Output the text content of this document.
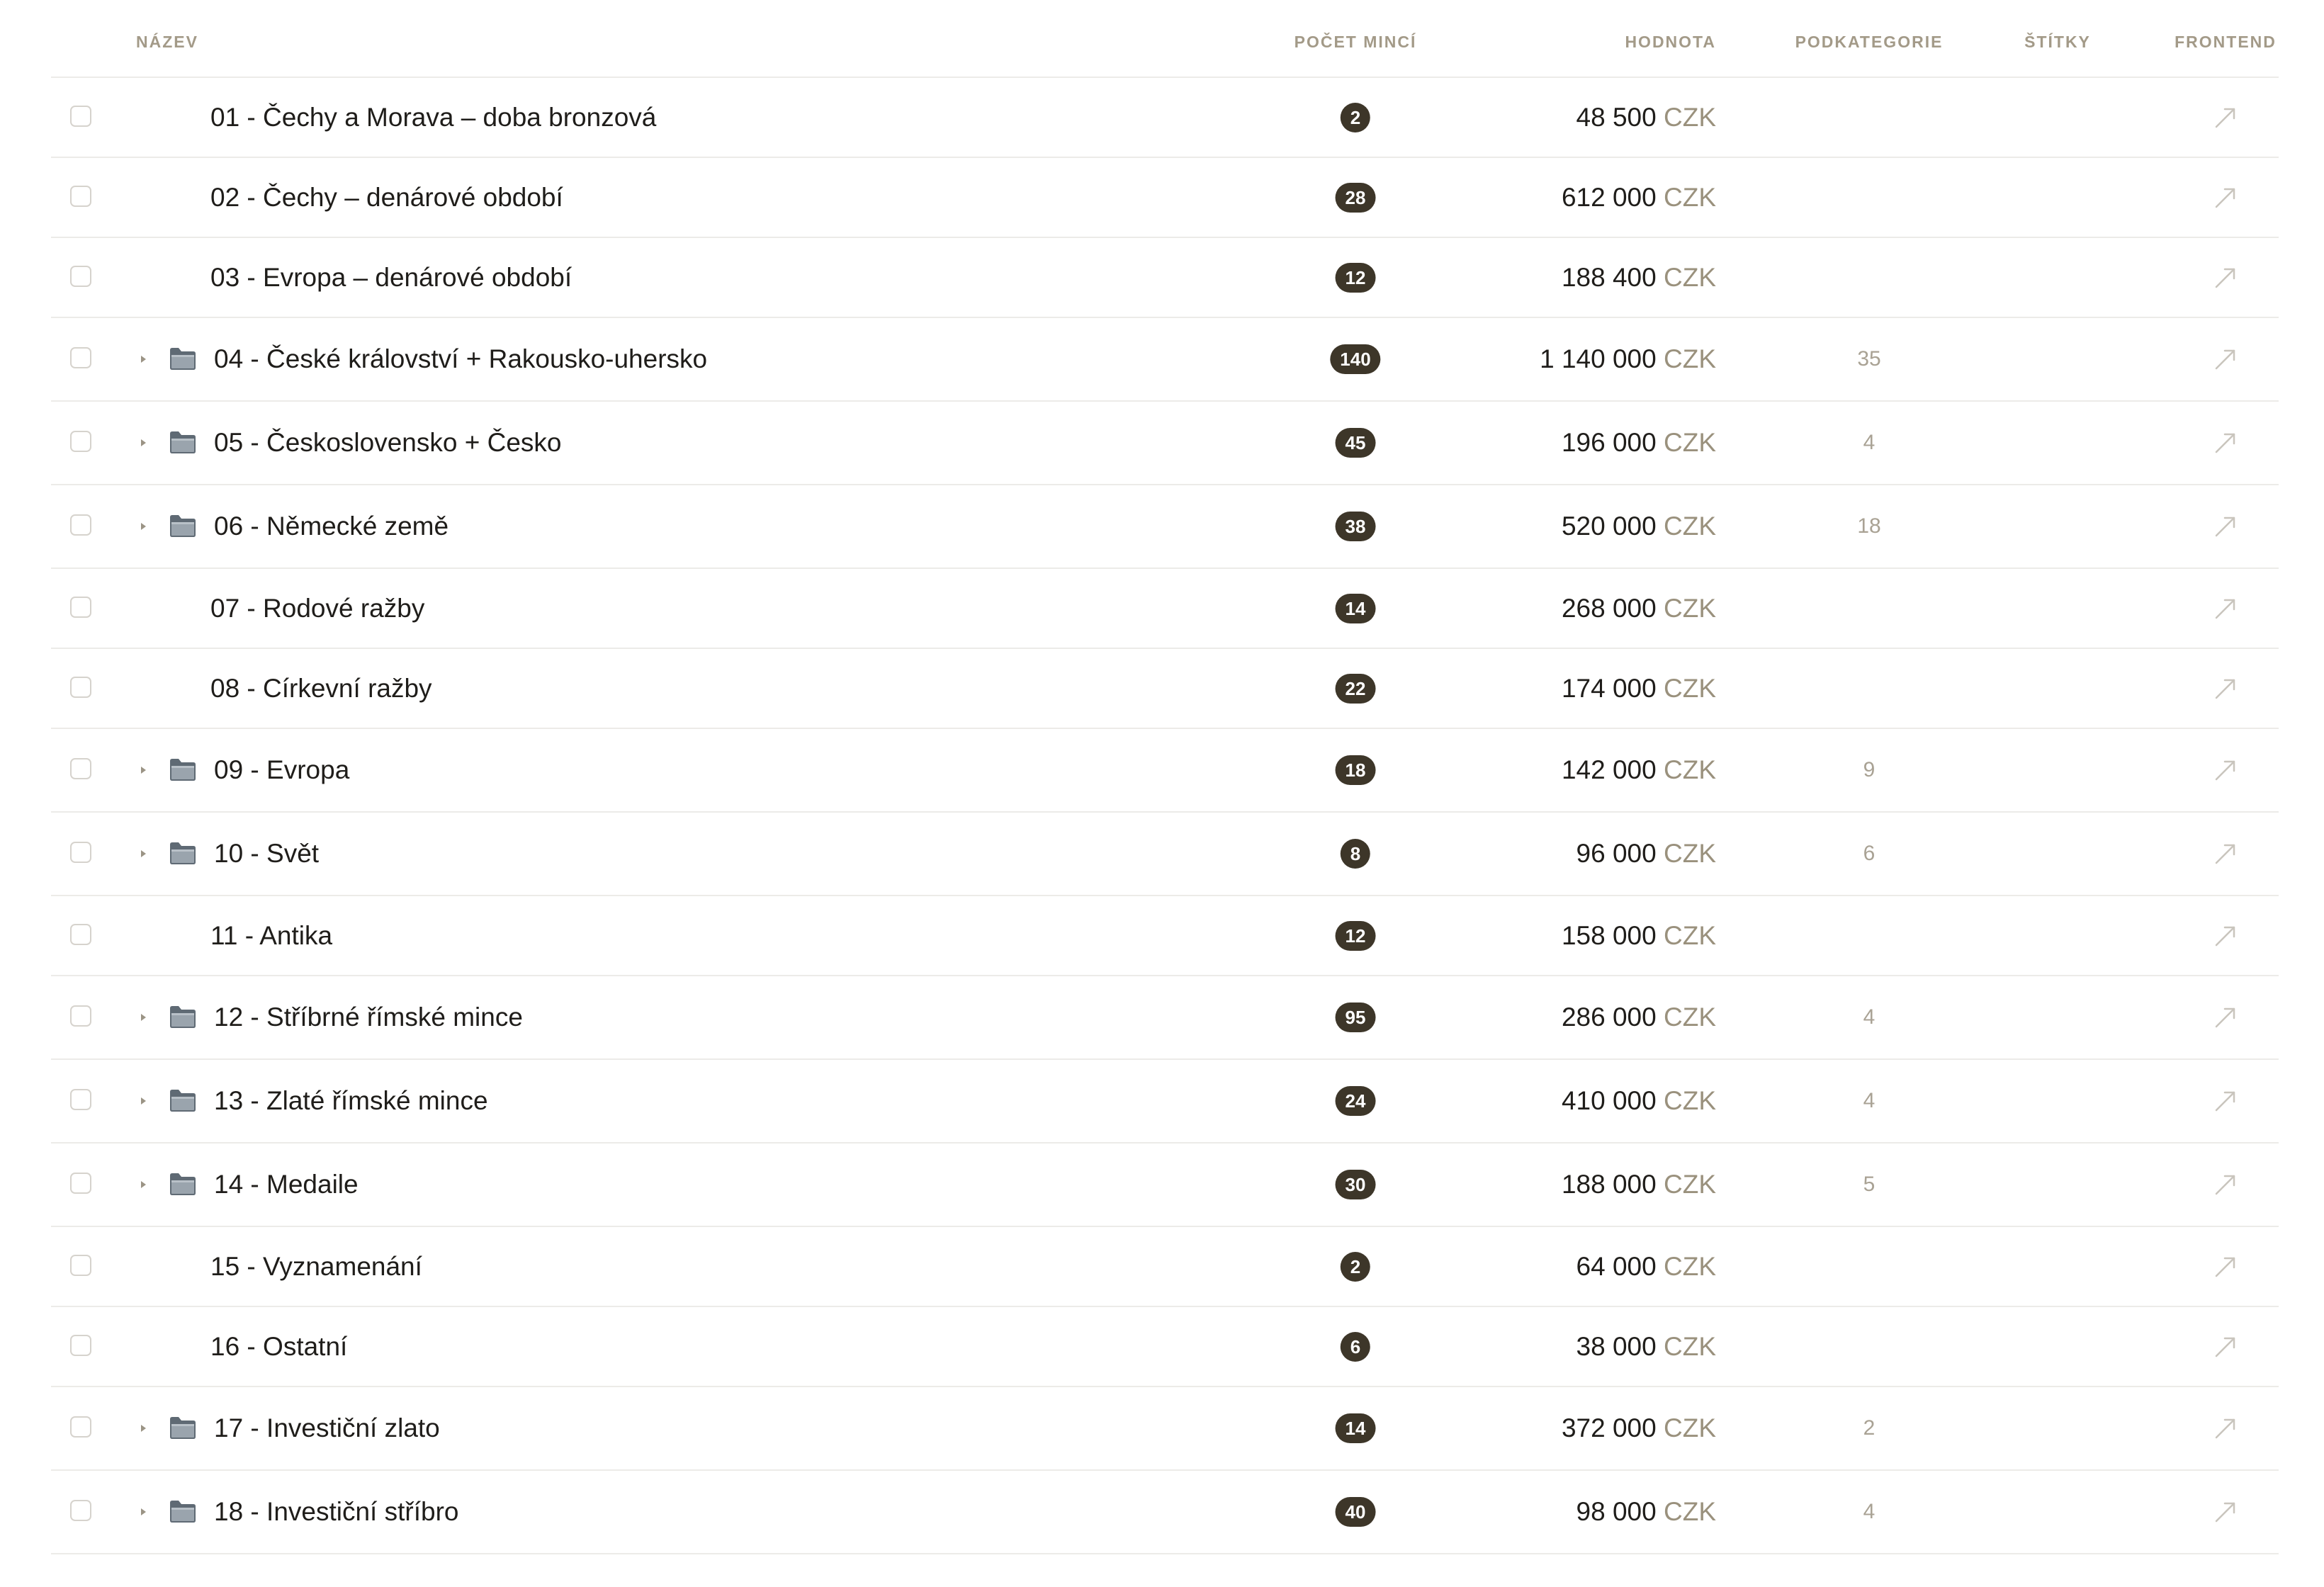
NÁZEV	POČET MINCÍ	HODNOTA	PODKATEGORIE	ŠTÍTKY	FRONTEND
01 - Čechy a Morava – doba bronzová	2	48 500 CZK
02 - Čechy – denárové období	28	612 000 CZK
03 - Evropa – denárové období	12	188 400 CZK
04 - České království + Rakousko-uhersko	140	1 140 000 CZK	35
05 - Československo + Česko	45	196 000 CZK	4
06 - Německé země	38	520 000 CZK	18
07 - Rodové ražby	14	268 000 CZK
08 - Církevní ražby	22	174 000 CZK
09 - Evropa	18	142 000 CZK	9
10 - Svět	8	96 000 CZK	6
11 - Antika	12	158 000 CZK
12 - Stříbrné římské mince	95	286 000 CZK	4
13 - Zlaté římské mince	24	410 000 CZK	4
14 - Medaile	30	188 000 CZK	5
15 - Vyznamenání	2	64 000 CZK
16 - Ostatní	6	38 000 CZK
17 - Investiční zlato	14	372 000 CZK	2
18 - Investiční stříbro	40	98 000 CZK	4
